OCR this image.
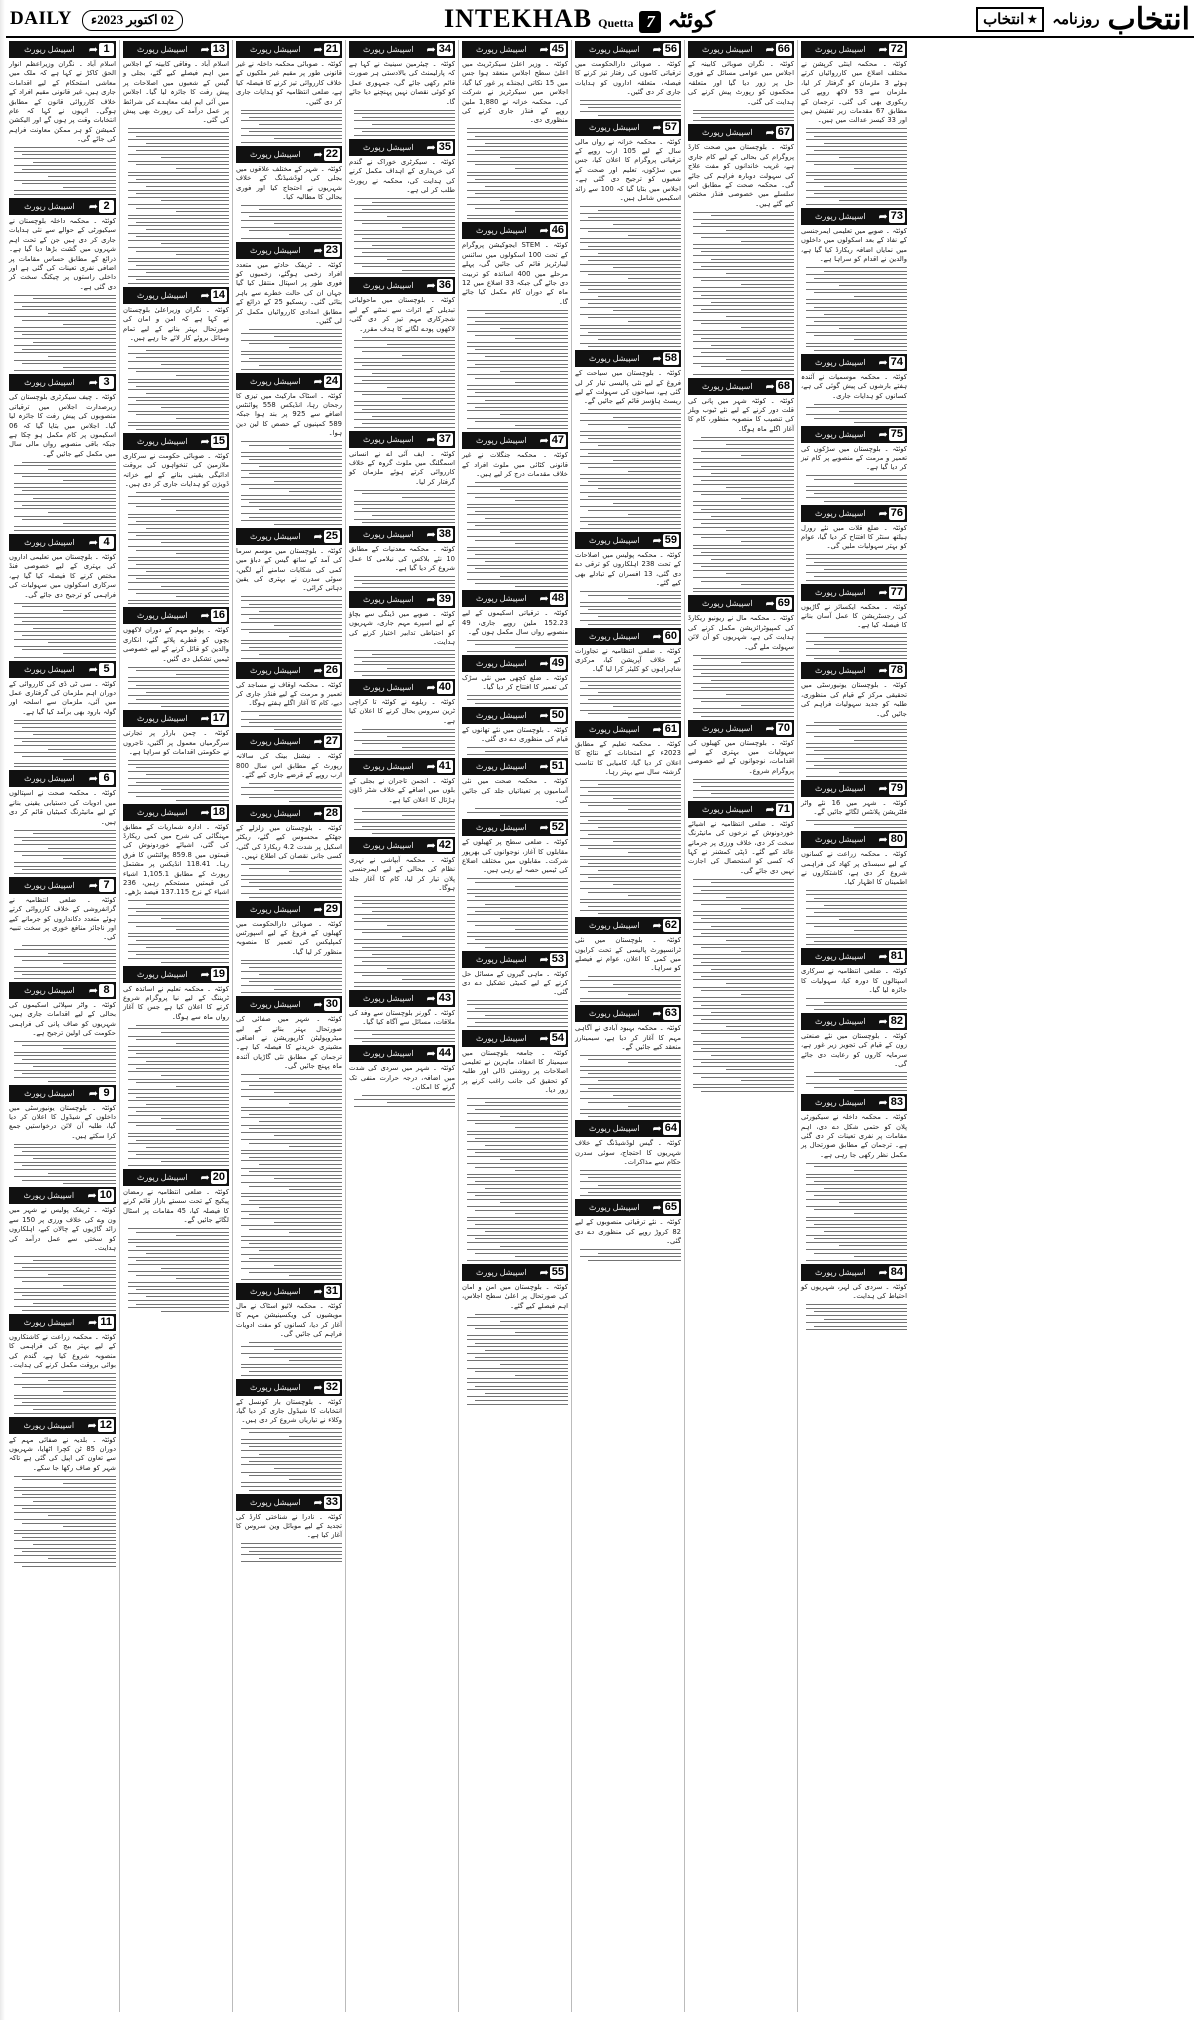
DAILY	02 اکتوبر 2023ء	INTEKHAB Quetta 7 کوئٹہ	انتخاب
روزنامہ
★
انتخاب
1
➦
اسپیشل رپورٹ
اسلام آباد ۔ نگران وزیراعظم انوار الحق کاکڑ نے کہا ہے کہ ملک میں معاشی استحکام کے لیے اقدامات جاری ہیں، غیر قانونی مقیم افراد کے خلاف کارروائی قانون کے مطابق ہوگی۔ انہوں نے کہا کہ عام انتخابات وقت پر ہوں گے اور الیکشن کمیشن کو ہر ممکن معاونت فراہم کی جائے گی۔
2
➦
اسپیشل رپورٹ
کوئٹہ ۔ محکمہ داخلہ بلوچستان نے سیکیورٹی کے حوالے سے نئی ہدایات جاری کر دی ہیں جن کے تحت اہم شہروں میں گشت بڑھا دیا گیا ہے۔ ذرائع کے مطابق حساس مقامات پر اضافی نفری تعینات کی گئی ہے اور داخلی راستوں پر چیکنگ سخت کر دی گئی ہے۔
3
➦
اسپیشل رپورٹ
کوئٹہ ۔ چیف سیکرٹری بلوچستان کی زیرصدارت اجلاس میں ترقیاتی منصوبوں کی پیش رفت کا جائزہ لیا گیا۔ اجلاس میں بتایا گیا کہ 06 اسکیموں پر کام مکمل ہو چکا ہے جبکہ باقی منصوبے رواں مالی سال میں مکمل کیے جائیں گے۔
4
➦
اسپیشل رپورٹ
کوئٹہ ۔ بلوچستان میں تعلیمی اداروں کی بہتری کے لیے خصوصی فنڈ مختص کرنے کا فیصلہ کیا گیا ہے، سرکاری اسکولوں میں سہولیات کی فراہمی کو ترجیح دی جائے گی۔
5
➦
اسپیشل رپورٹ
کوئٹہ ۔ سی ٹی ڈی کی کارروائی کے دوران اہم ملزمان کی گرفتاری عمل میں آئی، ملزمان سے اسلحہ اور گولہ بارود بھی برآمد کیا گیا ہے۔
6
➦
اسپیشل رپورٹ
کوئٹہ ۔ محکمہ صحت نے اسپتالوں میں ادویات کی دستیابی یقینی بنانے کے لیے مانیٹرنگ کمیٹیاں قائم کر دی ہیں۔
7
➦
اسپیشل رپورٹ
کوئٹہ ۔ ضلعی انتظامیہ نے گرانفروشی کے خلاف کارروائی کرتے ہوئے متعدد دکانداروں کو جرمانے کیے اور ناجائز منافع خوری پر سخت تنبیہ کی۔
8
➦
اسپیشل رپورٹ
کوئٹہ ۔ واٹر سپلائی اسکیموں کی بحالی کے لیے اقدامات جاری ہیں، شہریوں کو صاف پانی کی فراہمی حکومت کی اولین ترجیح ہے۔
9
➦
اسپیشل رپورٹ
کوئٹہ ۔ بلوچستان یونیورسٹی میں داخلوں کے شیڈول کا اعلان کر دیا گیا، طلبہ آن لائن درخواستیں جمع کرا سکتے ہیں۔
10
➦
اسپیشل رپورٹ
کوئٹہ ۔ ٹریفک پولیس نے شہر میں ون وے کی خلاف ورزی پر 150 سے زائد گاڑیوں کے چالان کیے، اہلکاروں کو سختی سے عمل درآمد کی ہدایت۔
11
➦
اسپیشل رپورٹ
کوئٹہ ۔ محکمہ زراعت نے کاشتکاروں کے لیے بہتر بیج کی فراہمی کا منصوبہ شروع کیا ہے، گندم کی بوائی بروقت مکمل کرنے کی ہدایت۔
12
➦
اسپیشل رپورٹ
کوئٹہ ۔ بلدیہ نے صفائی مہم کے دوران 85 ٹن کچرا اٹھایا، شہریوں سے تعاون کی اپیل کی گئی ہے تاکہ شہر کو صاف رکھا جا سکے۔
13
➦
اسپیشل رپورٹ
اسلام آباد ۔ وفاقی کابینہ کے اجلاس میں اہم فیصلے کیے گئے، بجلی و گیس کے شعبوں میں اصلاحات پر پیش رفت کا جائزہ لیا گیا۔ اجلاس میں آئی ایم ایف معاہدے کی شرائط پر عمل درآمد کی رپورٹ بھی پیش کی گئی۔
14
➦
اسپیشل رپورٹ
کوئٹہ ۔ نگران وزیراعلیٰ بلوچستان نے کہا ہے کہ امن و امان کی صورتحال بہتر بنانے کے لیے تمام وسائل بروئے کار لائے جا رہے ہیں۔
15
➦
اسپیشل رپورٹ
کوئٹہ ۔ صوبائی حکومت نے سرکاری ملازمین کی تنخواہوں کی بروقت ادائیگی یقینی بنانے کے لیے خزانہ ڈویژن کو ہدایات جاری کر دی ہیں۔
16
➦
اسپیشل رپورٹ
کوئٹہ ۔ پولیو مہم کے دوران لاکھوں بچوں کو قطرے پلائے گئے، انکاری والدین کو قائل کرنے کے لیے خصوصی ٹیمیں تشکیل دی گئیں۔
17
➦
اسپیشل رپورٹ
کوئٹہ ۔ چمن بارڈر پر تجارتی سرگرمیاں معمول پر آگئیں، تاجروں نے حکومتی اقدامات کو سراہا ہے۔
18
➦
اسپیشل رپورٹ
کوئٹہ ۔ ادارہ شماریات کے مطابق مہنگائی کی شرح میں کمی ریکارڈ کی گئی، اشیائے خوردونوش کی قیمتوں میں 859.8 پوائنٹس کا فرق رہا۔ 118.41 انڈیکس پر مشتمل رپورٹ کے مطابق 1,105.1 اشیاء کی قیمتیں مستحکم رہیں، 236 اشیاء کے نرخ 137.115 فیصد بڑھے۔
19
➦
اسپیشل رپورٹ
کوئٹہ ۔ محکمہ تعلیم نے اساتذہ کی ٹریننگ کے لیے نیا پروگرام شروع کرنے کا اعلان کیا ہے جس کا آغاز رواں ماہ سے ہوگا۔
20
➦
اسپیشل رپورٹ
کوئٹہ ۔ ضلعی انتظامیہ نے رمضان پیکیج کے تحت سستے بازار قائم کرنے کا فیصلہ کیا، 45 مقامات پر اسٹال لگائے جائیں گے۔
21
➦
اسپیشل رپورٹ
کوئٹہ ۔ صوبائی محکمہ داخلہ نے غیر قانونی طور پر مقیم غیر ملکیوں کے خلاف کارروائی تیز کرنے کا فیصلہ کیا ہے، ضلعی انتظامیہ کو ہدایات جاری کر دی گئیں۔
22
➦
اسپیشل رپورٹ
کوئٹہ ۔ شہر کے مختلف علاقوں میں بجلی کی لوڈشیڈنگ کے خلاف شہریوں نے احتجاج کیا اور فوری بحالی کا مطالبہ کیا۔
23
➦
اسپیشل رپورٹ
کوئٹہ ۔ ٹریفک حادثے میں متعدد افراد زخمی ہوگئے، زخمیوں کو فوری طور پر اسپتال منتقل کیا گیا جہاں ان کی حالت خطرے سے باہر بتائی گئی۔ ریسکیو 25 کے ذرائع کے مطابق امدادی کارروائیاں مکمل کر لی گئیں۔
24
➦
اسپیشل رپورٹ
کوئٹہ ۔ اسٹاک مارکیٹ میں تیزی کا رجحان رہا، انڈیکس 558 پوائنٹس اضافے سے 925 پر بند ہوا جبکہ 589 کمپنیوں کے حصص کا لین دین ہوا۔
25
➦
اسپیشل رپورٹ
کوئٹہ ۔ بلوچستان میں موسم سرما کی آمد کے ساتھ گیس کے دباؤ میں کمی کی شکایات سامنے آنے لگیں، سوئی سدرن نے بہتری کی یقین دہانی کرائی۔
26
➦
اسپیشل رپورٹ
کوئٹہ ۔ محکمہ اوقاف نے مساجد کی تعمیر و مرمت کے لیے فنڈز جاری کر دیے، کام کا آغاز اگلے ہفتے ہوگا۔
27
➦
اسپیشل رپورٹ
کوئٹہ ۔ نیشنل بینک کی سالانہ رپورٹ کے مطابق اس سال 800 ارب روپے کے قرضے جاری کیے گئے۔
28
➦
اسپیشل رپورٹ
کوئٹہ ۔ بلوچستان میں زلزلے کے جھٹکے محسوس کیے گئے، ریکٹر اسکیل پر شدت 4.2 ریکارڈ کی گئی، کسی جانی نقصان کی اطلاع نہیں۔
29
➦
اسپیشل رپورٹ
کوئٹہ ۔ صوبائی دارالحکومت میں کھیلوں کے فروغ کے لیے اسپورٹس کمپلیکس کی تعمیر کا منصوبہ منظور کر لیا گیا۔
30
➦
اسپیشل رپورٹ
کوئٹہ ۔ شہر میں صفائی کی صورتحال بہتر بنانے کے لیے میٹروپولیٹن کارپوریشن نے اضافی مشینری خریدنے کا فیصلہ کیا ہے۔ ترجمان کے مطابق نئی گاڑیاں آئندہ ماہ پہنچ جائیں گی۔
31
➦
اسپیشل رپورٹ
کوئٹہ ۔ محکمہ لائیو اسٹاک نے مال مویشیوں کی ویکسینیشن مہم کا آغاز کر دیا، کسانوں کو مفت ادویات فراہم کی جائیں گی۔
32
➦
اسپیشل رپورٹ
کوئٹہ ۔ بلوچستان بار کونسل کے انتخابات کا شیڈول جاری کر دیا گیا، وکلاء نے تیاریاں شروع کر دی ہیں۔
33
➦
اسپیشل رپورٹ
کوئٹہ ۔ نادرا نے شناختی کارڈ کی تجدید کے لیے موبائل وین سروس کا آغاز کیا ہے۔
34
➦
اسپیشل رپورٹ
کوئٹہ ۔ چیئرمین سینیٹ نے کہا ہے کہ پارلیمنٹ کی بالادستی ہر صورت قائم رکھی جائے گی، جمہوری عمل کو کوئی نقصان نہیں پہنچنے دیا جائے گا۔
35
➦
اسپیشل رپورٹ
کوئٹہ ۔ سیکرٹری خوراک نے گندم کی خریداری کے اہداف مکمل کرنے کی ہدایت کی، محکمہ نے رپورٹ طلب کر لی ہے۔
36
➦
اسپیشل رپورٹ
کوئٹہ ۔ بلوچستان میں ماحولیاتی تبدیلی کے اثرات سے نمٹنے کے لیے شجرکاری مہم تیز کر دی گئی، لاکھوں پودے لگانے کا ہدف مقرر۔
37
➦
اسپیشل رپورٹ
کوئٹہ ۔ ایف آئی اے نے انسانی اسمگلنگ میں ملوث گروہ کے خلاف کارروائی کرتے ہوئے ملزمان کو گرفتار کر لیا۔
38
➦
اسپیشل رپورٹ
کوئٹہ ۔ محکمہ معدنیات کے مطابق 10 نئے بلاکس کی نیلامی کا عمل شروع کر دیا گیا ہے۔
39
➦
اسپیشل رپورٹ
کوئٹہ ۔ صوبے میں ڈینگی سے بچاؤ کے لیے اسپرے مہم جاری، شہریوں کو احتیاطی تدابیر اختیار کرنے کی ہدایت۔
40
➦
اسپیشل رپورٹ
کوئٹہ ۔ ریلوے نے کوئٹہ تا کراچی ٹرین سروس بحال کرنے کا اعلان کیا ہے۔
41
➦
اسپیشل رپورٹ
کوئٹہ ۔ انجمن تاجران نے بجلی کے بلوں میں اضافے کے خلاف شٹر ڈاؤن ہڑتال کا اعلان کیا ہے۔
42
➦
اسپیشل رپورٹ
کوئٹہ ۔ محکمہ آبپاشی نے نہری نظام کی بحالی کے لیے ایمرجنسی پلان تیار کر لیا، کام کا آغاز جلد ہوگا۔
43
➦
اسپیشل رپورٹ
کوئٹہ ۔ گورنر بلوچستان سے وفد کی ملاقات، مسائل سے آگاہ کیا گیا۔
44
➦
اسپیشل رپورٹ
کوئٹہ ۔ شہر میں سردی کی شدت میں اضافہ، درجہ حرارت منفی تک گرنے کا امکان۔
45
➦
اسپیشل رپورٹ
کوئٹہ ۔ وزیر اعلیٰ سیکرٹریٹ میں اعلیٰ سطح اجلاس منعقد ہوا جس میں 15 نکاتی ایجنڈے پر غور کیا گیا، اجلاس میں سیکرٹریز نے شرکت کی۔ محکمہ خزانہ نے 1,880 ملین روپے کے فنڈز جاری کرنے کی منظوری دی۔
46
➦
اسپیشل رپورٹ
کوئٹہ ۔ STEM ایجوکیشن پروگرام کے تحت 100 اسکولوں میں سائنس لیبارٹریز قائم کی جائیں گی، پہلے مرحلے میں 400 اساتذہ کو تربیت دی جائے گی جبکہ 33 اضلاع میں 12 ماہ کے دوران کام مکمل کیا جائے گا۔
47
➦
اسپیشل رپورٹ
کوئٹہ ۔ محکمہ جنگلات نے غیر قانونی کٹائی میں ملوث افراد کے خلاف مقدمات درج کر لیے ہیں۔
48
➦
اسپیشل رپورٹ
کوئٹہ ۔ ترقیاتی اسکیموں کے لیے 152.23 ملین روپے جاری، 49 منصوبے رواں سال مکمل ہوں گے۔
49
➦
اسپیشل رپورٹ
کوئٹہ ۔ ضلع کچھی میں نئی سڑک کی تعمیر کا افتتاح کر دیا گیا۔
50
➦
اسپیشل رپورٹ
کوئٹہ ۔ بلوچستان میں نئے تھانوں کے قیام کی منظوری دے دی گئی۔
51
➦
اسپیشل رپورٹ
کوئٹہ ۔ محکمہ صحت میں نئی آسامیوں پر تعیناتیاں جلد کی جائیں گی۔
52
➦
اسپیشل رپورٹ
کوئٹہ ۔ ضلعی سطح پر کھیلوں کے مقابلوں کا آغاز، نوجوانوں کی بھرپور شرکت۔ مقابلوں میں مختلف اضلاع کی ٹیمیں حصہ لے رہی ہیں۔
53
➦
اسپیشل رپورٹ
کوئٹہ ۔ ماہی گیروں کے مسائل حل کرنے کے لیے کمیٹی تشکیل دے دی گئی۔
54
➦
اسپیشل رپورٹ
کوئٹہ ۔ جامعہ بلوچستان میں سیمینار کا انعقاد، ماہرین نے تعلیمی اصلاحات پر روشنی ڈالی اور طلبہ کو تحقیق کی جانب راغب کرنے پر زور دیا۔
55
➦
اسپیشل رپورٹ
کوئٹہ ۔ بلوچستان میں امن و امان کی صورتحال پر اعلیٰ سطح اجلاس، اہم فیصلے کیے گئے۔
56
➦
اسپیشل رپورٹ
کوئٹہ ۔ صوبائی دارالحکومت میں ترقیاتی کاموں کی رفتار تیز کرنے کا فیصلہ، متعلقہ اداروں کو ہدایات جاری کر دی گئیں۔
57
➦
اسپیشل رپورٹ
کوئٹہ ۔ محکمہ خزانہ نے رواں مالی سال کے لیے 105 ارب روپے کے ترقیاتی پروگرام کا اعلان کیا، جس میں سڑکوں، تعلیم اور صحت کے شعبوں کو ترجیح دی گئی ہے۔ اجلاس میں بتایا گیا کہ 100 سے زائد اسکیمیں شامل ہیں۔
58
➦
اسپیشل رپورٹ
کوئٹہ ۔ بلوچستان میں سیاحت کے فروغ کے لیے نئی پالیسی تیار کر لی گئی ہے، سیاحوں کی سہولت کے لیے ریسٹ ہاؤسز قائم کیے جائیں گے۔
59
➦
اسپیشل رپورٹ
کوئٹہ ۔ محکمہ پولیس میں اصلاحات کے تحت 238 اہلکاروں کو ترقی دے دی گئی، 13 افسران کے تبادلے بھی کیے گئے۔
60
➦
اسپیشل رپورٹ
کوئٹہ ۔ ضلعی انتظامیہ نے تجاوزات کے خلاف آپریشن کیا، مرکزی شاہراہوں کو کلیئر کرا لیا گیا۔
61
➦
اسپیشل رپورٹ
کوئٹہ ۔ محکمہ تعلیم کے مطابق 2023ء کے امتحانات کے نتائج کا اعلان کر دیا گیا، کامیابی کا تناسب گزشتہ سال سے بہتر رہا۔
62
➦
اسپیشل رپورٹ
کوئٹہ ۔ بلوچستان میں نئی ٹرانسپورٹ پالیسی کے تحت کرایوں میں کمی کا اعلان، عوام نے فیصلے کو سراہا۔
63
➦
اسپیشل رپورٹ
کوئٹہ ۔ محکمہ بہبود آبادی نے آگاہی مہم کا آغاز کر دیا ہے، سیمینارز منعقد کیے جائیں گے۔
64
➦
اسپیشل رپورٹ
کوئٹہ ۔ گیس لوڈشیڈنگ کے خلاف شہریوں کا احتجاج، سوئی سدرن حکام سے مذاکرات۔
65
➦
اسپیشل رپورٹ
کوئٹہ ۔ نئے ترقیاتی منصوبوں کے لیے 82 کروڑ روپے کی منظوری دے دی گئی۔
66
➦
اسپیشل رپورٹ
کوئٹہ ۔ نگران صوبائی کابینہ کے اجلاس میں عوامی مسائل کے فوری حل پر زور دیا گیا اور متعلقہ محکموں کو رپورٹ پیش کرنے کی ہدایت کی گئی۔
67
➦
اسپیشل رپورٹ
کوئٹہ ۔ بلوچستان میں صحت کارڈ پروگرام کی بحالی کے لیے کام جاری ہے، غریب خاندانوں کو مفت علاج کی سہولت دوبارہ فراہم کی جائے گی۔ محکمہ صحت کے مطابق اس سلسلے میں خصوصی فنڈز مختص کیے گئے ہیں۔
68
➦
اسپیشل رپورٹ
کوئٹہ ۔ کوئٹہ شہر میں پانی کی قلت دور کرنے کے لیے نئے ٹیوب ویلز کی تنصیب کا منصوبہ منظور، کام کا آغاز اگلے ماہ ہوگا۔
69
➦
اسپیشل رپورٹ
کوئٹہ ۔ محکمہ مال نے ریونیو ریکارڈ کی کمپیوٹرائزیشن مکمل کرنے کی ہدایت کی ہے، شہریوں کو آن لائن سہولت ملے گی۔
70
➦
اسپیشل رپورٹ
کوئٹہ ۔ بلوچستان میں کھیلوں کی سہولیات میں بہتری کے لیے اقدامات، نوجوانوں کے لیے خصوصی پروگرام شروع۔
71
➦
اسپیشل رپورٹ
کوئٹہ ۔ ضلعی انتظامیہ نے اشیائے خوردونوش کے نرخوں کی مانیٹرنگ سخت کر دی، خلاف ورزی پر جرمانے عائد کیے گئے۔ ڈپٹی کمشنر نے کہا کہ کسی کو استحصال کی اجازت نہیں دی جائے گی۔
72
➦
اسپیشل رپورٹ
کوئٹہ ۔ محکمہ اینٹی کرپشن نے مختلف اضلاع میں کارروائیاں کرتے ہوئے 3 ملزمان کو گرفتار کر لیا، ملزمان سے 53 لاکھ روپے کی ریکوری بھی کی گئی۔ ترجمان کے مطابق 67 مقدمات زیر تفتیش ہیں اور 33 کیسز عدالت میں ہیں۔
73
➦
اسپیشل رپورٹ
کوئٹہ ۔ صوبے میں تعلیمی ایمرجنسی کے نفاذ کے بعد اسکولوں میں داخلوں میں نمایاں اضافہ ریکارڈ کیا گیا ہے، والدین نے اقدام کو سراہا ہے۔
74
➦
اسپیشل رپورٹ
کوئٹہ ۔ محکمہ موسمیات نے آئندہ ہفتے بارشوں کی پیش گوئی کی ہے، کسانوں کو ہدایات جاری۔
75
➦
اسپیشل رپورٹ
کوئٹہ ۔ بلوچستان میں سڑکوں کی تعمیر و مرمت کے منصوبے پر کام تیز کر دیا گیا ہے۔
76
➦
اسپیشل رپورٹ
کوئٹہ ۔ ضلع قلات میں نئے رورل ہیلتھ سنٹر کا افتتاح کر دیا گیا، عوام کو بہتر سہولیات ملیں گی۔
77
➦
اسپیشل رپورٹ
کوئٹہ ۔ محکمہ ایکسائز نے گاڑیوں کی رجسٹریشن کا عمل آسان بنانے کا فیصلہ کیا ہے۔
78
➦
اسپیشل رپورٹ
کوئٹہ ۔ بلوچستان یونیورسٹی میں تحقیقی مرکز کے قیام کی منظوری، طلبہ کو جدید سہولیات فراہم کی جائیں گی۔
79
➦
اسپیشل رپورٹ
کوئٹہ ۔ شہر میں 16 نئے واٹر فلٹریشن پلانٹس لگائے جائیں گے۔
80
➦
اسپیشل رپورٹ
کوئٹہ ۔ محکمہ زراعت نے کسانوں کے لیے سبسڈی پر کھاد کی فراہمی شروع کر دی ہے، کاشتکاروں نے اطمینان کا اظہار کیا۔
81
➦
اسپیشل رپورٹ
کوئٹہ ۔ ضلعی انتظامیہ نے سرکاری اسپتالوں کا دورہ کیا، سہولیات کا جائزہ لیا گیا۔
82
➦
اسپیشل رپورٹ
کوئٹہ ۔ بلوچستان میں نئے صنعتی زون کے قیام کی تجویز زیر غور ہے، سرمایہ کاروں کو رعایت دی جائے گی۔
83
➦
اسپیشل رپورٹ
کوئٹہ ۔ محکمہ داخلہ نے سیکیورٹی پلان کو حتمی شکل دے دی، اہم مقامات پر نفری تعینات کر دی گئی ہے۔ ترجمان کے مطابق صورتحال پر مکمل نظر رکھی جا رہی ہے۔
84
➦
اسپیشل رپورٹ
کوئٹہ ۔ سردی کی لہر، شہریوں کو احتیاط کی ہدایت۔
